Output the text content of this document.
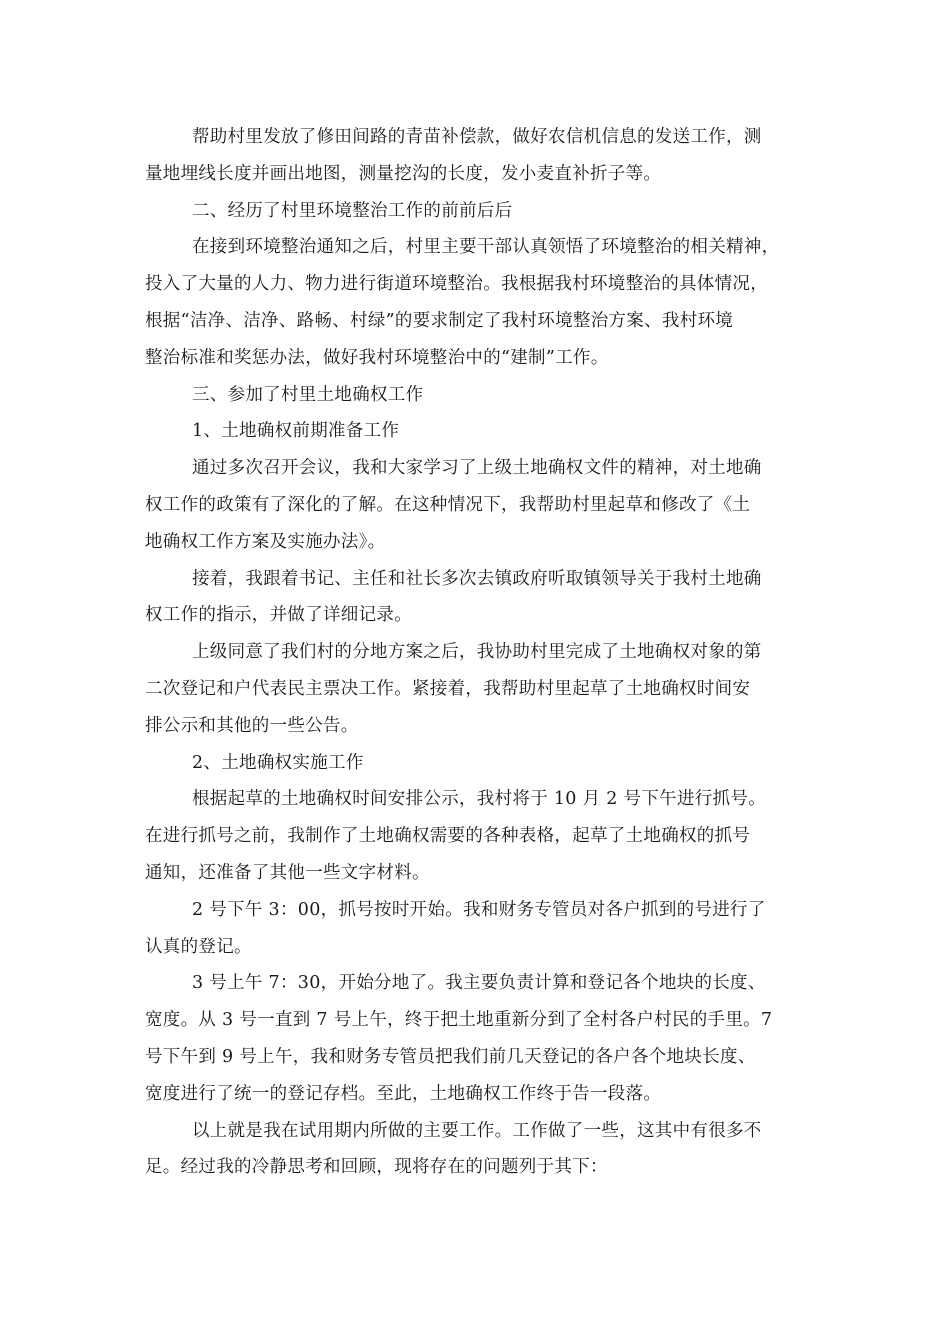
帮助村里发放了修田间路的青苗补偿款，做好农信机信息的发送工作，测
量地埋线长度并画出地图，测量挖沟的长度，发小麦直补折子等。
二、经历了村里环境整治工作的前前后后
在接到环境整治通知之后，村里主要干部认真领悟了环境整治的相关精神，
投入了大量的人力、物力进行街道环境整治。我根据我村环境整治的具体情况，
根据“洁净、洁净、路畅、村绿”的要求制定了我村环境整治方案、我村环境
整治标准和奖惩办法，做好我村环境整治中的“建制”工作。
三、参加了村里土地确权工作
1、土地确权前期准备工作
通过多次召开会议，我和大家学习了上级土地确权文件的精神，对土地确
权工作的政策有了深化的了解。在这种情况下，我帮助村里起草和修改了《土
地确权工作方案及实施办法》。
接着，我跟着书记、主任和社长多次去镇政府听取镇领导关于我村土地确
权工作的指示，并做了详细记录。
上级同意了我们村的分地方案之后，我协助村里完成了土地确权对象的第
二次登记和户代表民主票决工作。紧接着，我帮助村里起草了土地确权时间安
排公示和其他的一些公告。
2、土地确权实施工作
根据起草的土地确权时间安排公示，我村将于 10 月 2 号下午进行抓号。
在进行抓号之前，我制作了土地确权需要的各种表格，起草了土地确权的抓号
通知，还准备了其他一些文字材料。
2 号下午 3：00，抓号按时开始。我和财务专管员对各户抓到的号进行了
认真的登记。
3 号上午 7：30，开始分地了。我主要负责计算和登记各个地块的长度、
宽度。从 3 号一直到 7 号上午，终于把土地重新分到了全村各户村民的手里。7
号下午到 9 号上午，我和财务专管员把我们前几天登记的各户各个地块长度、
宽度进行了统一的登记存档。至此，土地确权工作终于告一段落。
以上就是我在试用期内所做的主要工作。工作做了一些，这其中有很多不
足。经过我的冷静思考和回顾，现将存在的问题列于其下：
